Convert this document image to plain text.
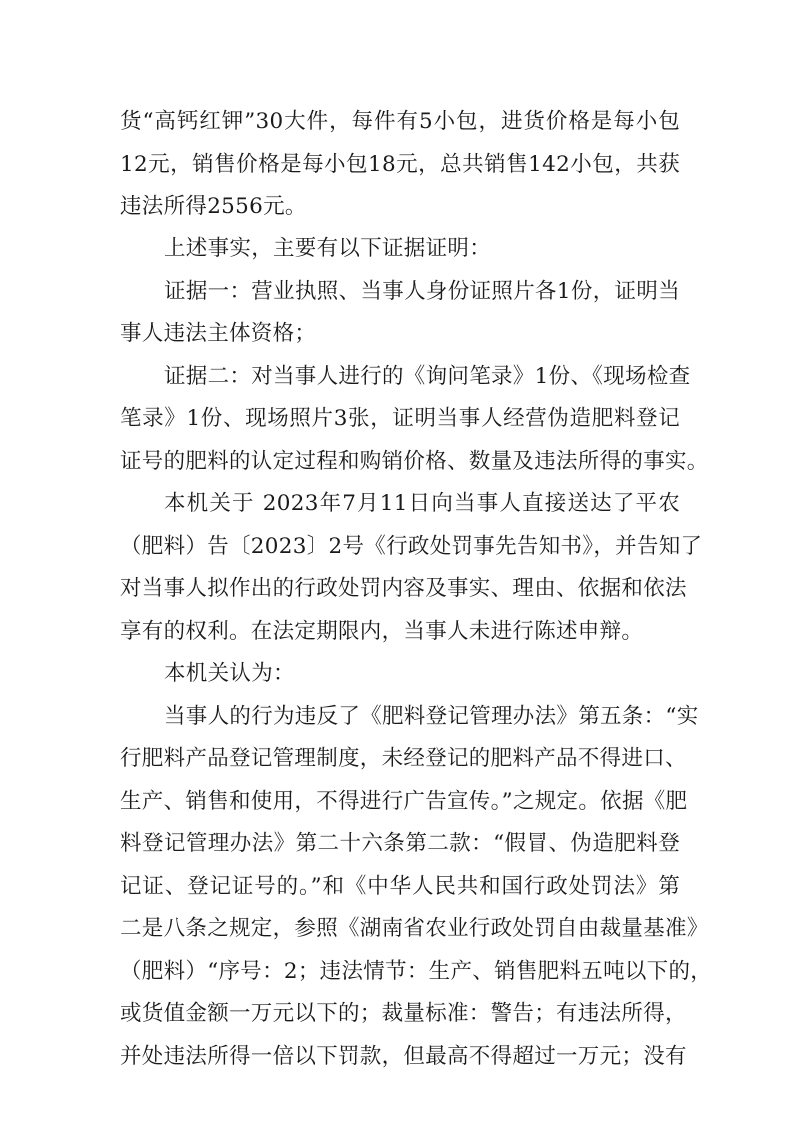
货“高钙红钾”30大件，每件有5小包，进货价格是每小包
12元，销售价格是每小包18元，总共销售142小包，共获
违法所得2556元。
上述事实，主要有以下证据证明：
证据一：营业执照、当事人身份证照片各1份，证明当
事人违法主体资格；
证据二：对当事人进行的《询问笔录》1份、《现场检查
笔录》1份、现场照片3张，证明当事人经营伪造肥料登记
证号的肥料的认定过程和购销价格、数量及违法所得的事实。
本机关于 2023年7月11日向当事人直接送达了平农
（肥料）告〔2023〕2号《行政处罚事先告知书》，并告知了
对当事人拟作出的行政处罚内容及事实、理由、依据和依法
享有的权利。在法定期限内，当事人未进行陈述申辩。
本机关认为：
当事人的行为违反了《肥料登记管理办法》第五条：“实
行肥料产品登记管理制度，未经登记的肥料产品不得进口、
生产、销售和使用，不得进行广告宣传。”之规定。依据《肥
料登记管理办法》第二十六条第二款：“假冒、伪造肥料登
记证、登记证号的。”和《中华人民共和国行政处罚法》第
二是八条之规定，参照《湖南省农业行政处罚自由裁量基准》
（肥料）“序号：2；违法情节：生产、销售肥料五吨以下的，
或货值金额一万元以下的；裁量标准：警告；有违法所得，
并处违法所得一倍以下罚款，但最高不得超过一万元；没有
